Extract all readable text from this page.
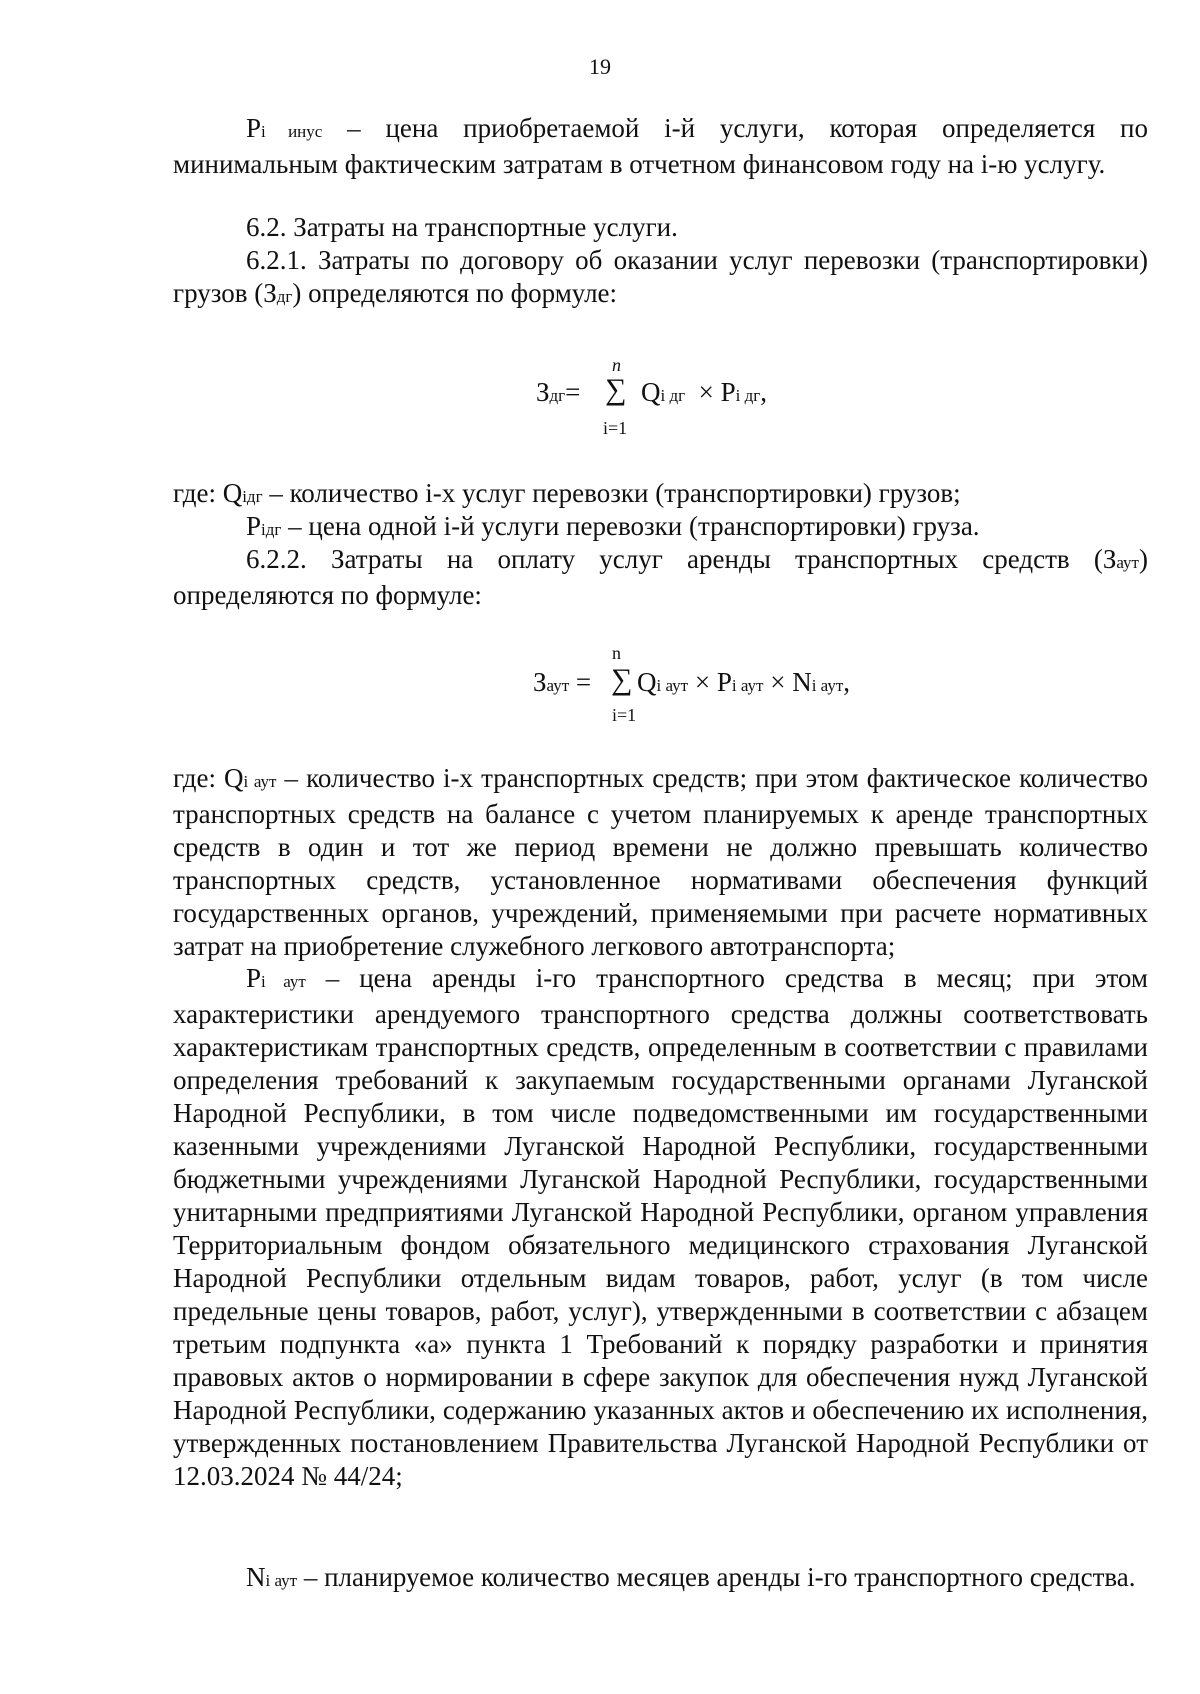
19

Pi инус – цена приобретаемой i-й услуги, которая определяется по минимальным фактическим затратам в отчетном финансовом году на i-ю услугу.

6.2. Затраты на транспортные услуги.

6.2.1. Затраты по договору об оказании услуг перевозки (транспортировки) грузов (Здг) определяются по формуле:

n
Здг= ∑ Qi дг × Pi дг,
i=1

где: Qiдг – количество i-х услуг перевозки (транспортировки) грузов;

Piдг – цена одной i-й услуги перевозки (транспортировки) груза.

6.2.2. Затраты на оплату услуг аренды транспортных средств (Заут) определяются по формуле:

n
Заут = ∑ Qi аут × Pi аут × Ni аут,
i=1

где: Qi аут – количество i-х транспортных средств; при этом фактическое количество транспортных средств на балансе с учетом планируемых к аренде транспортных средств в один и тот же период времени не должно превышать количество транспортных средств, установленное нормативами обеспечения функций государственных органов, учреждений, применяемыми при расчете нормативных затрат на приобретение служебного легкового автотранспорта;

Pi аут – цена аренды i-го транспортного средства в месяц; при этом характеристики арендуемого транспортного средства должны соответствовать характеристикам транспортных средств, определенным в соответствии с правилами определения требований к закупаемым государственными органами Луганской Народной Республики, в том числе подведомственными им государственными казенными учреждениями Луганской Народной Республики, государственными бюджетными учреждениями Луганской Народной Республики, государственными унитарными предприятиями Луганской Народной Республики, органом управления Территориальным фондом обязательного медицинского страхования Луганской Народной Республики отдельным видам товаров, работ, услуг (в том числе предельные цены товаров, работ, услуг), утвержденными в соответствии с абзацем третьим подпункта «а» пункта 1 Требований к порядку разработки и принятия правовых актов о нормировании в сфере закупок для обеспечения нужд Луганской Народной Республики, содержанию указанных актов и обеспечению их исполнения, утвержденных постановлением Правительства Луганской Народной Республики от 12.03.2024 № 44/24;

Ni аут – планируемое количество месяцев аренды i-го транспортного средства.
